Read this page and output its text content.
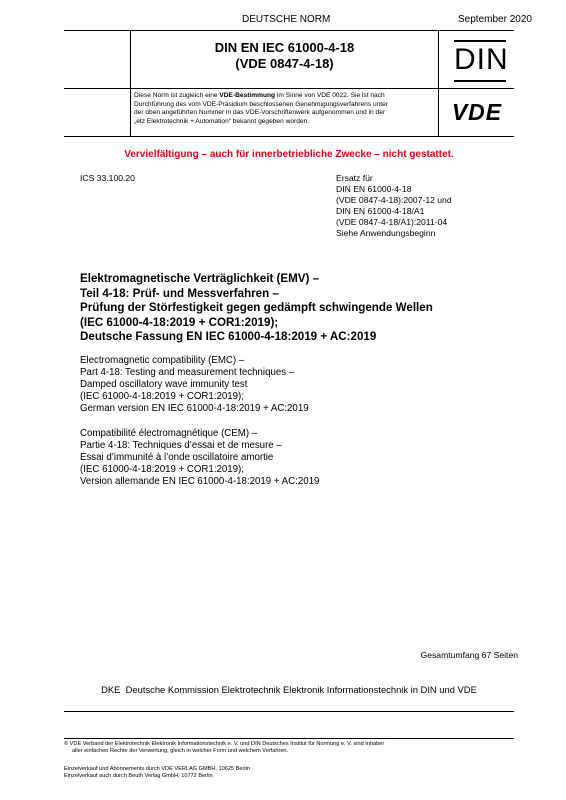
DEUTSCHE NORM	September 2020
DIN EN IEC 61000-4-18
(VDE 0847-4-18)	DIN
Diese Norm ist zugleich eine VDE-Bestimmung im Sinne von VDE 0022. Sie ist nach
Durchführung des vom VDE-Präsidium beschlossenen Genehmigungsverfahrens unter
der oben angeführten Nummer in das VDE-Vorschriftenwerk aufgenommen und in der
„etz Elektrotechnik + Automation“ bekannt gegeben worden.	VDE
Vervielfältigung – auch für innerbetriebliche Zwecke – nicht gestattet.
ICS 33.100.20	Ersatz für
DIN EN 61000-4-18
(VDE 0847-4-18):2007-12 und
DIN EN 61000-4-18/A1
(VDE 0847-4-18/A1):2011-04
Siehe Anwendungsbeginn
Elektromagnetische Verträglichkeit (EMV) –
Teil 4-18: Prüf- und Messverfahren –
Prüfung der Störfestigkeit gegen gedämpft schwingende Wellen
(IEC 61000-4-18:2019 + COR1:2019);
Deutsche Fassung EN IEC 61000-4-18:2019 + AC:2019
Electromagnetic compatibility (EMC) –
Part 4-18: Testing and measurement techniques –
Damped oscillatory wave immunity test
(IEC 61000-4-18:2019 + COR1:2019);
German version EN IEC 61000-4-18:2019 + AC:2019
Compatibilité électromagnétique (CEM) –
Partie 4-18: Techniques d’essai et de mesure –
Essai d’immunité à l’onde oscillatoire amortie
(IEC 61000-4-18:2019 + COR1:2019);
Version allemande EN IEC 61000-4-18:2019 + AC:2019
Gesamtumfang 67 Seiten
DKE Deutsche Kommission Elektrotechnik Elektronik Informationstechnik in DIN und VDE
© VDE Verband der Elektrotechnik Elektronik Informationstechnik e. V. und DIN Deutsches Institut für Normung e. V. sind Inhaber
aller einfachen Rechte der Verwertung, gleich in welcher Form und welchem Verfahren.
Einzelverkauf und Abonnements durch VDE VERLAG GMBH, 10625 Berlin
Einzelverkauf auch durch Beuth Verlag GmbH, 10772 Berlin
